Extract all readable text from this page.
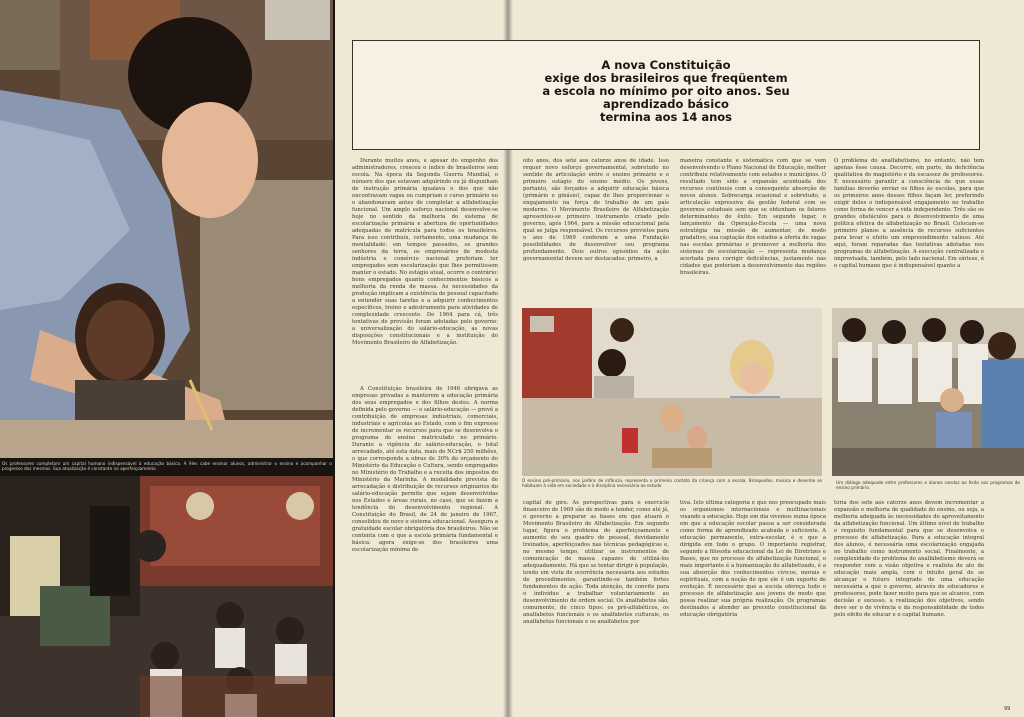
Os professores completam um capital humano indispensável à educação básica. A êles cabe ensinar alunos, administrar o ensino e acompanhar o progresso dos mesmos. Sua atualização é constante no aperfeiçoamento
A nova Constituição
exige dos brasileiros que freqüentem
a escola no mínimo por oito anos. Seu
aprendizado básico
termina aos 14 anos
Durante muitos anos, e apesar do empenho dos administradores, cresceu o índice de brasileiros sem escola. Na época da Segunda Guerra Mundial, o número dos que estavam adquirindo ou já dispunham de instrução primária igualava o dos que não encontravam vagas ou cumpriam o curso primário ou o abandonavam antes de completar a alfabetização funcional. Um amplo esforço nacional desenvolve-se hoje no sentido da melhoria do sistema de escolarização primária e abertura de oportunidades adequadas de matrícula para todos os brasileiros. Para isso contribuiu, certamente, uma mudança de mentalidade: em tempos passados, os grandes senhores da terra, os empresários de modesta indústria e comércio nacional preferiam ter empregados sem escolarização que lhes permitissem manter o estado. No estágio atual, ocorre o contrário: bons empregados quanto conhecimentos básicos a melhoria da renda de massa. As necessidades da produção implicam a existência de pessoal capacitado a entender suas tarefas e a adquirir conhecimentos específicos, treino e adestramento para atividades de complexidade crescente. De 1964 para cá, três tentativas de previsão foram adotadas pelo governo: a universalização do salário-educação, as novas disposições constitucionais e a instituição do Movimento Brasileiro de Alfabetização.
A Constituição brasileira de 1946 obrigava as empresas privadas a manterem a educação primária dos seus empregados e dos filhos destes. A norma definida pelo governo — o salário-educação — prevê a contribuição de empresas industriais, comerciais, industriais e agrícolas ao Estado, com o fim expresso de incrementar os recursos para que se desenvolva o programa de ensino matriculado no primário. Durante a vigência do salário-educação, o total arrecadado, até esta data, mais de NCr$ 250 milhões, o que corresponde a obras de 30% do orçamento do Ministério da Educação e Cultura, sendo empregados no Ministério do Trabalho e a receita dos impostos do Ministério da Marinha. A modalidade prevista de arrecadação e distribuição de recursos originários do salário-educação permite que sejam desenvolvidas nos Estados e áreas rurais, no caso, que se fazem a tendência do desenvolvimento regional. A Constituição do Brasil, de 24 de janeiro de 1967, consolidou de novo o sistema educacional. Assegura a gratuidade escolar obrigatória dos brasileiros. Não se contenta com o que a escola primária fundamental e básica: agora exige-se dos brasileiros uma escolarização mínima de
oito anos, dos sete aos catorze anos de idade. Isso requer novo esforço governamental, sobretudo no sentido de articulação entre o ensino primário e o primeiro estágio do ensino médio. Os jovens, portanto, são forçados a adquirir educação básica (primário e ginásio), capaz de lhes proporcionar o engajamento na força de trabalho de um país moderno. O Movimento Brasileiro de Alfabetização apresentou-se primeiro instrumento criado pelo governo, após 1964, para a missão educacional pela qual se julga responsável. Os recursos previstos para o ano de 1969 conferem a uma Fundação possibilidades de desenvolver seu programa profundamente. Dois outros episódios da ação governamental devem ser destacados: primeiro, a
maneira constante e sistemática com que se vem desenvolvendo o Plano Nacional de Educação, melhor contribuiu relativamente com estados e municípios. O resultado tem sido a expansão acentuada dos recursos contínuos com a consequente absorção de novos alunos. Sobrecarga ocasional e sobretudo, a articulação expressiva da gestão federal com os governos estaduais sem que se obtenham os fatores determinantes de êxito. Em segundo lugar, o lançamento da Operação-Escola — uma nova estratégia na missão de aumentar, de modo gradativo, sua captação dos estados a oferta de vagas nas escolas primárias e promover a melhoria dos sistemas de escolarização — representa mudança acertada para corrigir deficiências, justamente nas cidades que poderiam a desenvolvimento das regiões brasileiras.
O problema do analfabetismo, no entanto, não tem apenas êsse causa. Decorre, em parte, da deficiência qualitativa do magistério e da escassez de professores. É necessário garantir a consciência de que essas famílias deverão enviar os filhos às escolas, para que os primeiros anos desses filhos façam ler, preferindo exigir deles o indispensável engajamento no trabalho como forma de vencer a vida independente. Três são os grandes obstáculos para o desenvolvimento de uma política efetiva de alfabetização no Brasil. Colocam-se primeiro planos a ausência de recursos suficientes para levar o efeito um empreendimento valioso. Até aqui, foram reparadas das tentativas adotadas nos programas de alfabetização. A execução centralizada e improvisada, também, pelo lado nacional. Em síntese, é o capital humano que é indispensável quanto a
O ensino pré-primário, nos jardins de infância, representa o primeiro contato da criança com a escola. Brinquedos, música e desenho se habituam à vida em sociedade e à disciplina necessária ao estudo
Um diálogo adequado entre professores e alunos conduz ao êxito nos programas de ensino primário.
capital de giro. As perspectivas para o exercício financeiro de 1969 são de modo a tender, como até já, o governo a preparar as bases em que atuará o Movimento Brasileiro de Alfabetização. Em segundo lugar, figura o problema do aperfeiçoamento e aumento do seu quadro de pessoal, devidamente treinados, aperfeiçoados nas técnicas pedagógicas e, no mesmo tempo, utilizar os instrumentos de comunicação de massa capazes de utilizá-los adequadamente. Há que se tentar dirigir à população, tendo em vista de ocorrência necessária aos estudos de procedimentos, garantindo-se também fortes fundamentos de ação. Toda atenção, de convite para o indivíduo a trabalhar voluntariamente ao desenvolvimento de ordem social. Os analfabetos são, comumente, de cinco tipos: os pré-alfabéticos, os analfabetos funcionais e os analfabetos culturais, os analfabetos funcionais e os analfabetos por
tiva. Isto última categoria é que nos preocupado mais os organismos internacionais e multinacionais visando a educação. Hoje em dia vivemos numa época em que a educação escolar passa a ser considerada como forma de aprendizado acabada e suficiente. A educação permanente, extra-escolar, é o que a dirigida em todo o grupo. O importante registrar, segundo a filosofia educacional da Lei de Diretrizes e Bases, que no processo de alfabetização funcional, o mais importante é a humanização do alfabetizado, é a sua absorção dos conhecimentos cívicos, morais e espirituais, com a noção de que ele é um suporte de evolução. É necessário que a escola ofereça tudo o processo de alfabetização aos jovens de modo que possa realizar sua própria realização. Os programas destinados a atender ao preceito constitucional da educação obrigatória
tória dos sete aos catorze anos devem incrementar a expansão e melhoria de qualidade do ensino, ou seja, a melhoria adequada às necessidades do aproveitamento da alfabetização funcional. Um último nível de trabalho e requisito fundamental para que se desenvolva o processo de alfabetização. Para a educação integral dos alunos, é necessária uma escolarização engajada no trabalho como instrumento social. Finalmente, a complexidade do problema do analfabetismo deverá se responder com a visão objetiva e realista do ato de educação mais ampla, com o intuito geral de se alcançar o futuro integrado de uma educação necessária a que o governo, através de educadores e professores, pode fazer muito para que se alcance, com decisão e sucesso, a realização dos objetivos, sendo deve ser o de vivência e da responsabilidade de todos pelo efeito de educar e o capital humano.
99
